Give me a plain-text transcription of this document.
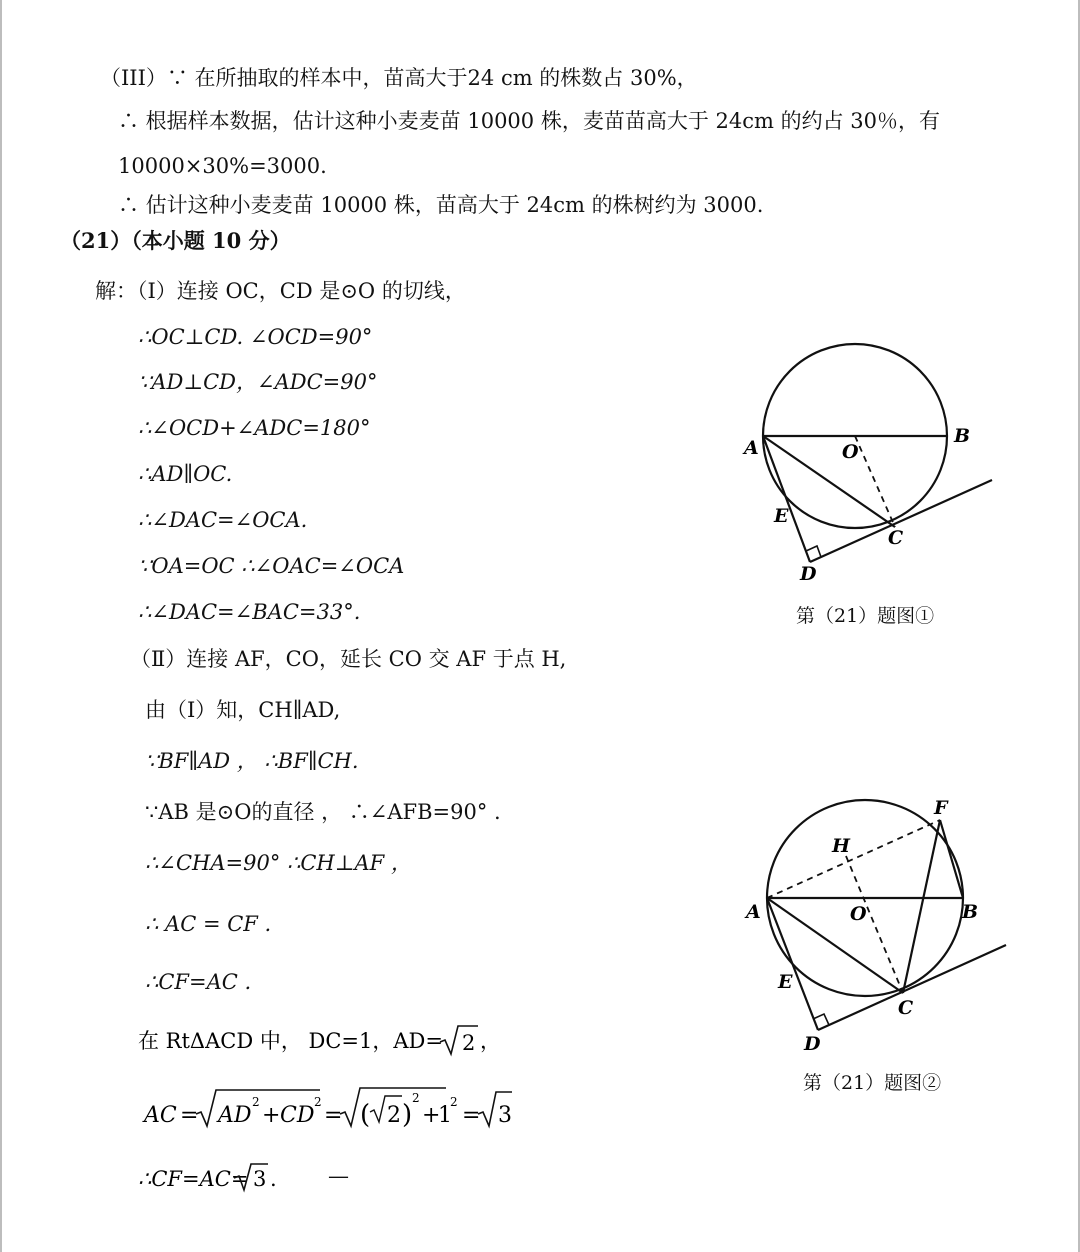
（III）∵ 在所抽取的样本中，苗高大于24 cm 的株数占 30%，
∴ 根据样本数据，估计这种小麦麦苗 10000 株，麦苗苗高大于 24cm 的约占 30％，有
10000×30%=3000.
∴ 估计这种小麦麦苗 10000 株，苗高大于 24cm 的株树约为 3000.
（21）（本小题 10 分）
解：（Ⅰ）连接 OC，CD 是⊙O 的切线，
∴OC⊥CD. ∠OCD=90°
∵AD⊥CD，∠ADC=90°
∴∠OCD+∠ADC=180°
∴AD∥OC.
∴∠DAC=∠OCA.
∵OA=OC ∴∠OAC=∠OCA
∴∠DAC=∠BAC=33°.
（Ⅱ）连接 AF，CO，延长 CO 交 AF 于点 H,
由（Ⅰ）知，CH∥AD,
∵BF∥AD ， ∴BF∥CH.
∵AB 是⊙O的直径 ， ∴∠AFB=90° .
∴∠CHA=90° ∴CH⊥AF ，
∴ AC = CF .
∴CF=AC .
在 RtΔACD 中， DC=1，AD= 2 ，
AC = AD
2
+ CD
2
= ( 2 )
2
+
1
2
= 3
∴CF=AC= 3 . —
A
B
O
E
C
D
第（21）题图①
A	B
O
E
C
D
F
H
第（21）题图②
